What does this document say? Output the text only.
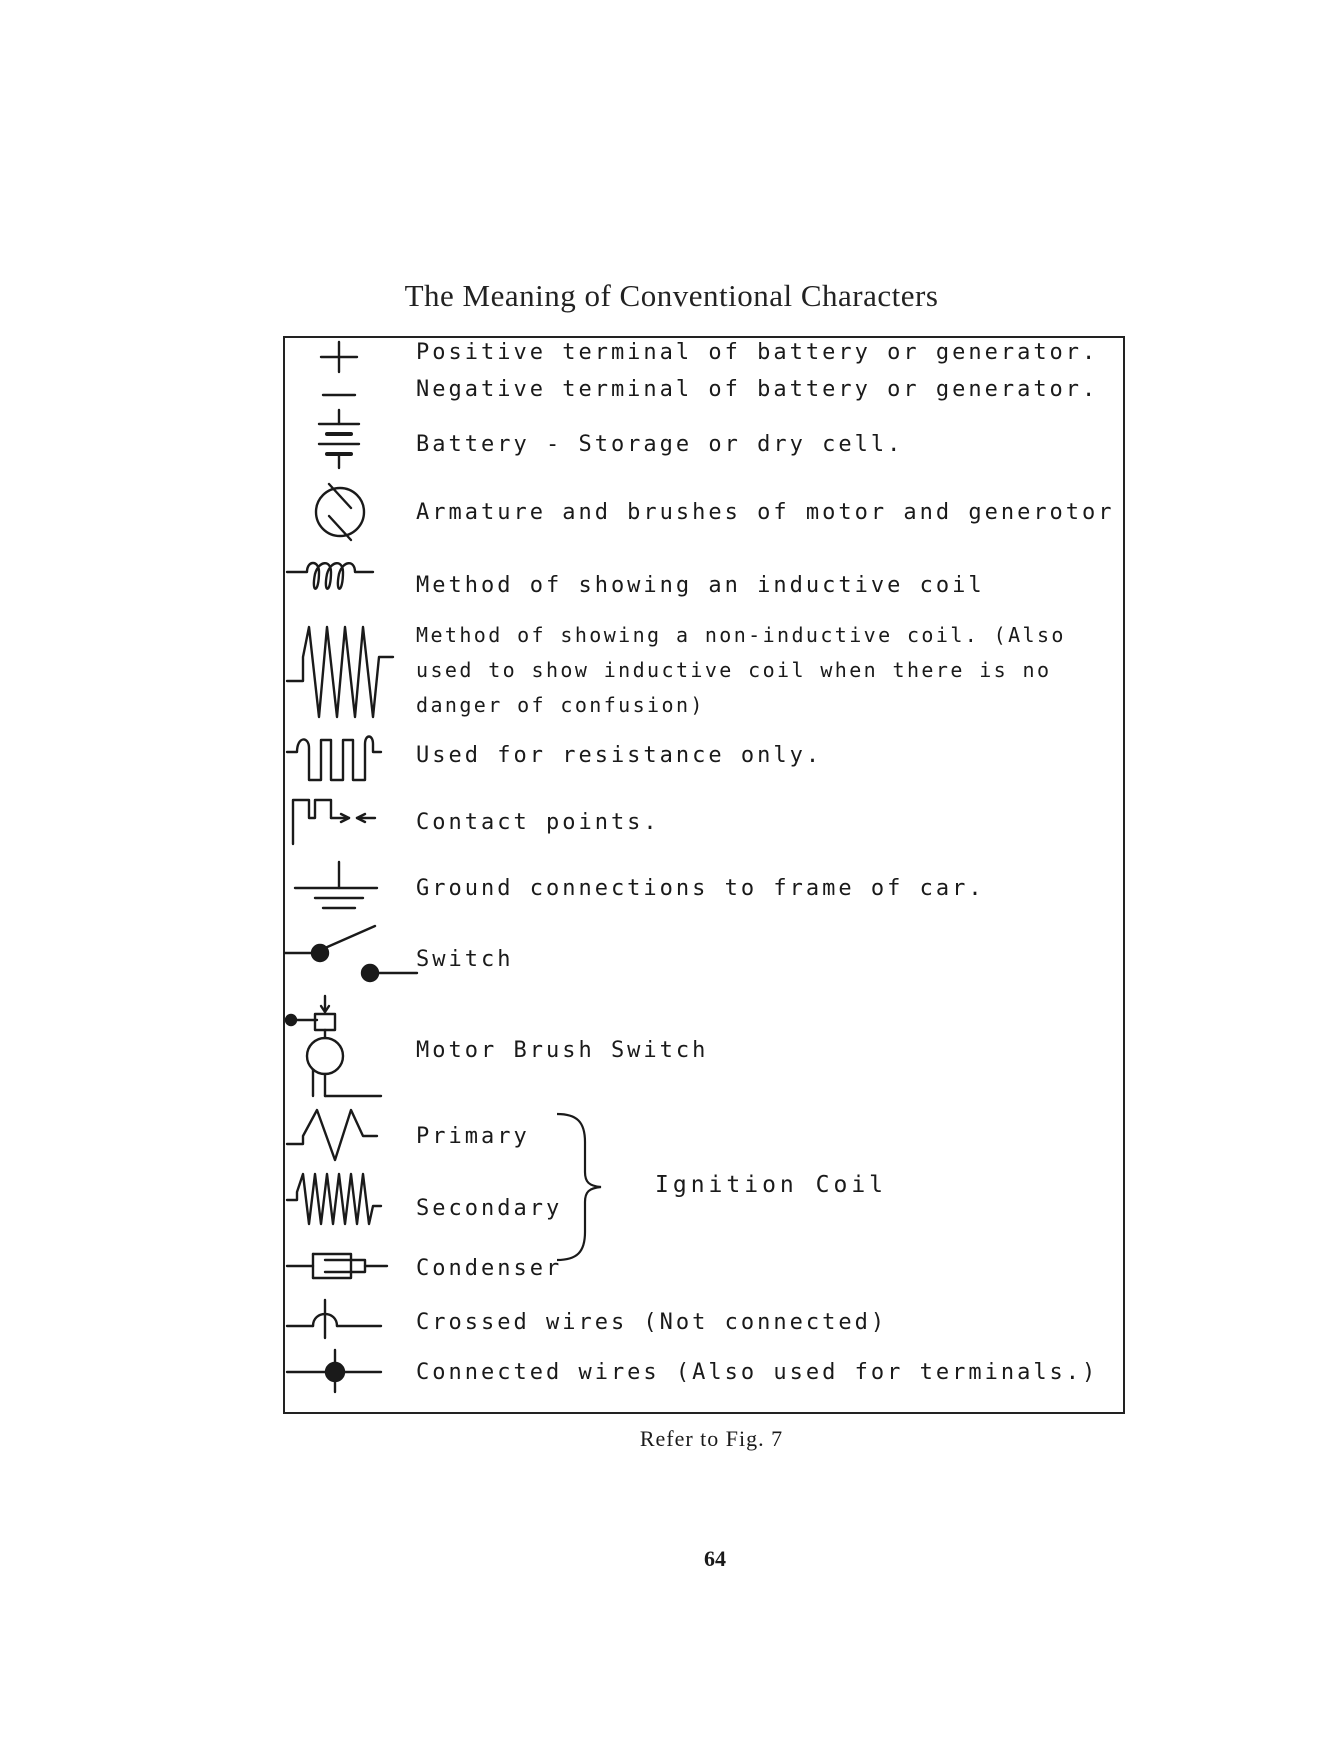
The Meaning of Conventional Characters
Positive terminal of battery or generator.
Negative terminal of battery or generator.
Battery - Storage or dry cell.
Armature and brushes of motor and generotor
Method of showing an inductive coil
Method of showing a non-inductive coil. (Also used to show inductive coil when there is no danger of confusion)
Used for resistance only.
Contact points.
Ground connections to frame of car.
Switch
Motor Brush Switch
Primary
Secondary
Ignition Coil
Condenser
Crossed wires (Not connected)
Connected wires (Also used for terminals.)
Refer to Fig. 7
64
